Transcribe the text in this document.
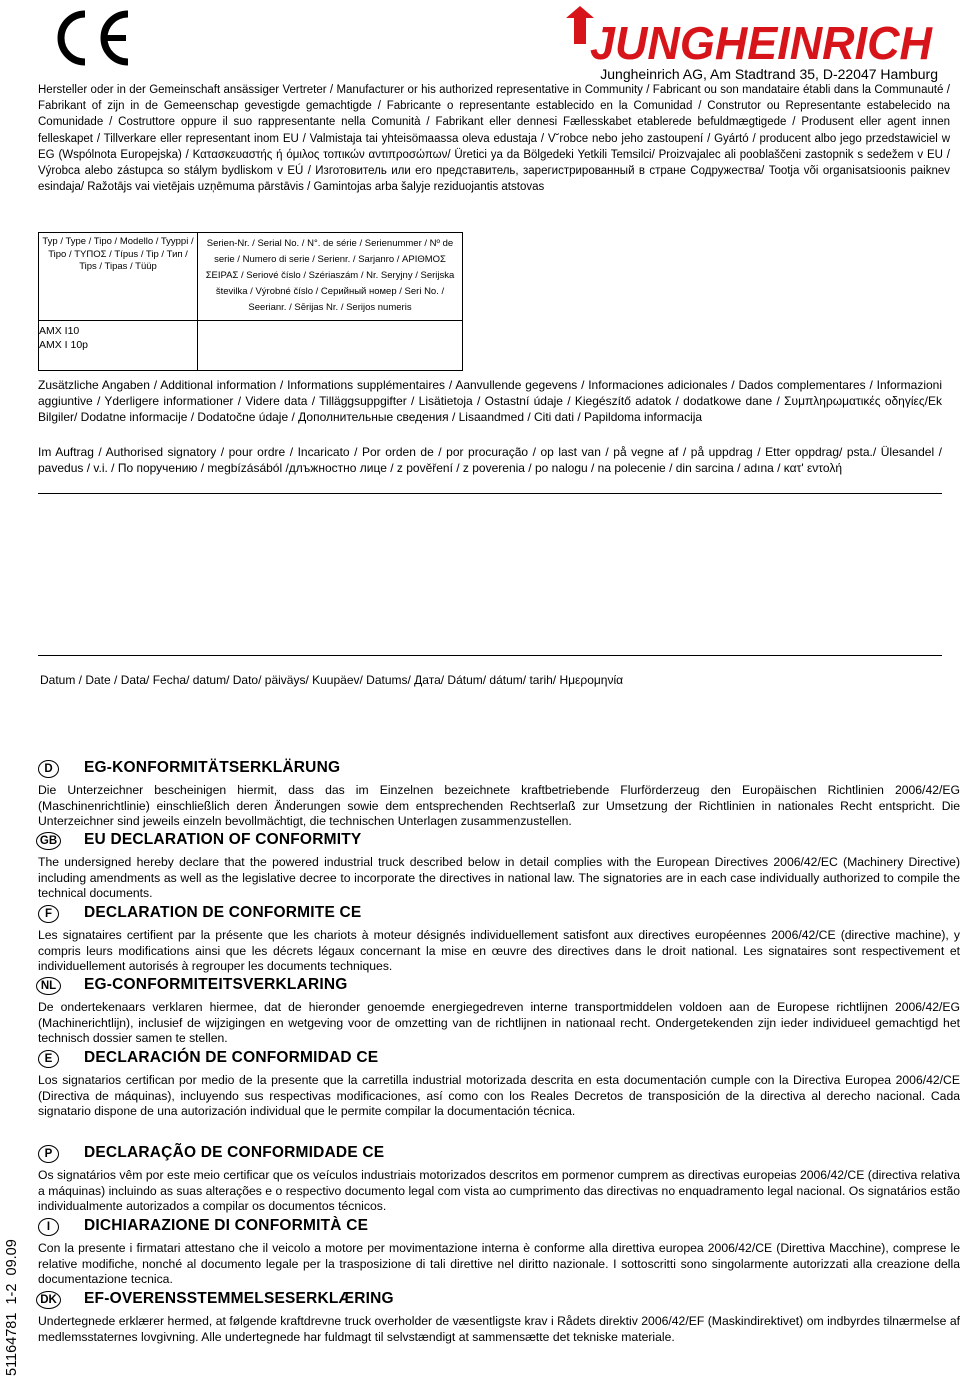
JUNGHEINRICH
Jungheinrich AG, Am Stadtrand 35, D-22047 Hamburg
Hersteller oder in der Gemeinschaft ansässiger Vertreter / Manufacturer or his authorized representative in Community / Fabricant ou son mandataire établi dans la Communauté / Fabrikant of zijn in de Gemeenschap gevestigde gemachtigde / Fabricante o representante establecido en la Comunidad / Construtor ou Representante estabelecido na Comunidade / Costruttore oppure il suo rappresentante nella Comunità / Fabrikant eller dennesi Fællesskabet etablerede befuldmægtigede / Produsent eller agent innen felleskapet / Tillverkare eller representant inom EU / Valmistaja tai yhteisömaassa oleva edustaja / V˘robce nebo jeho zastoupení / Gyártó / producent albo jego przedstawiciel w EG (Wspólnota Europejska) / Κατασκευαστής ή όμιλος τοπικών αντιπροσώπων/ Üretici ya da Bölgedeki Yetkili Temsilci/ Proizvajalec ali pooblaščeni zastopnik s sedežem v EU / Výrobca alebo zástupca so stálym bydliskom v EÚ / Изготовитель или его представитель, зарегистрированный в стране Содружества/ Tootja või organisatsioonis paiknev esindaja/ Ražotājs vai vietējais uzņēmuma pārstāvis / Gamintojas arba šalyje reziduojantis atstovas
Typ / Type / Tipo / Modello / Tyyppi / Tipo / ΤΥΠΟΣ / Típus / Tip / Тип / Tips / Tipas / Tüüp	Serien-Nr. / Serial No. / N°. de série / Serienummer / Nº de serie / Numero di serie / Serienr. / Sarjanro / ΑΡΙΘΜΟΣ ΣΕΙΡΑΣ / Seriové číslo / Szériaszám / Nr. Seryjny / Serijska številka / Výrobné číslo / Серийный номер / Seri No. / Seerianr. / Sērijas Nr. / Serijos numeris

AMX I10
AMX I 10p	

Zusätzliche Angaben / Additional information / Informations supplémentaires / Aanvullende gegevens / Informaciones adicionales / Dados complementares / Informazioni aggiuntive / Yderligere informationer / Videre data / Tilläggsuppgifter / Lisätietoja / Ostastní údaje / Kiegészítő adatok / dodatkowe dane / Συμπληρωματικές οδηγίες/Ek Bilgiler/ Dodatne informacije / Dodatočne údaje / Дополнительные сведения / Lisaandmed / Citi dati / Papildoma informacija
Im Auftrag / Authorised signatory / pour ordre / Incaricato / Por orden de / por procuração / op last van / på vegne af / på uppdrag / Etter oppdrag/ psta./ Ülesandel / pavedus / v.i. / По поручению / megbízásából /длъжностно лице / z pověření / z poverenia / po nalogu / na polecenie / din sarcina / adına / κατ' εντολή
Datum / Date / Data/ Fecha/ datum/ Dato/ päiväys/ Kuupäev/ Datums/ Дата/ Dátum/ dátum/ tarih/ Ημερομηνία
D	EG-KONFORMITÄTSERKLÄRUNG
Die Unterzeichner bescheinigen hiermit, dass das im Einzelnen bezeichnete kraftbetriebende Flurförderzeug den Europäischen Richtlinien 2006/42/EG (Maschinenrichtlinie) einschließlich deren Änderungen sowie dem entsprechenden Rechtserlaß zur Umsetzung der Richtlinien in nationales Recht entspricht. Die Unterzeichner sind jeweils einzeln bevollmächtigt, die technischen Unterlagen zusammenzustellen.
GB EU DECLARATION OF CONFORMITY
The undersigned hereby declare that the powered industrial truck described below in detail complies with the European Directives 2006/42/EC (Machinery Directive) including amendments as well as the legislative decree to incorporate the directives in national law. The signatories are in each case individually authorized to compile the technical documents.
F	DECLARATION DE CONFORMITE CE
Les signataires certifient par la présente que les chariots à moteur désignés individuellement satisfont aux directives européennes 2006/42/CE (directive machine), y compris leurs modifications ainsi que les décrets légaux concernant la mise en œuvre des directives dans le droit national. Les signataires sont respectivement et individuellement autorisés à regrouper les documents techniques.
NL	EG-CONFORMITEITSVERKLARING
De ondertekenaars verklaren hiermee, dat de hieronder genoemde energiegedreven interne transportmiddelen voldoen aan de Europese richtlijnen 2006/42/EG (Machinerichtlijn), inclusief de wijzigingen en wetgeving voor de omzetting van de richtlijnen in nationaal recht. Ondergetekenden zijn ieder individueel gemachtigd het technisch dossier samen te stellen.
E	DECLARACIÓN DE CONFORMIDAD CE
Los signatarios certifican por medio de la presente que la carretilla industrial motorizada descrita en esta documentación cumple con la Directiva Europea 2006/42/CE (Directiva de máquinas), incluyendo sus respectivas modificaciones, así como con los Reales Decretos de transposición de la directiva al derecho nacional. Cada signatario dispone de una autorización individual que le permite compilar la documentación técnica.
P	DECLARAÇÃO DE CONFORMIDADE CE
Os signatários vêm por este meio certificar que os veículos industriais motorizados descritos em pormenor cumprem as directivas europeias 2006/42/CE (directiva relativa a máquinas) incluindo as suas alterações e o respectivo documento legal com vista ao cumprimento das directivas no enquadramento legal nacional. Os signatários estão individualmente autorizados a compilar os documentos técnicos.
I	DICHIARAZIONE DI CONFORMITÀ CE
Con la presente i firmatari attestano che il veicolo a motore per movimentazione interna è conforme alla direttiva europea 2006/42/CE (Direttiva Macchine), comprese le relative modifiche, nonché al documento legale per la trasposizione di tali direttive nel diritto nazionale. I sottoscritti sono singolarmente autorizzati alla creazione della documentazione tecnica.
DK EF-OVERENSSTEMMELSESERKLÆRING
Undertegnede erklærer hermed, at følgende kraftdrevne truck overholder de væsentligste krav i Rådets direktiv 2006/42/EF (Maskindirektivet) om indbyrdes tilnærmelse af medlemsstaternes lovgivning. Alle undertegnede har fuldmagt til selvstændigt at sammensætte det tekniske materiale.
51164781  1-2  09.09
